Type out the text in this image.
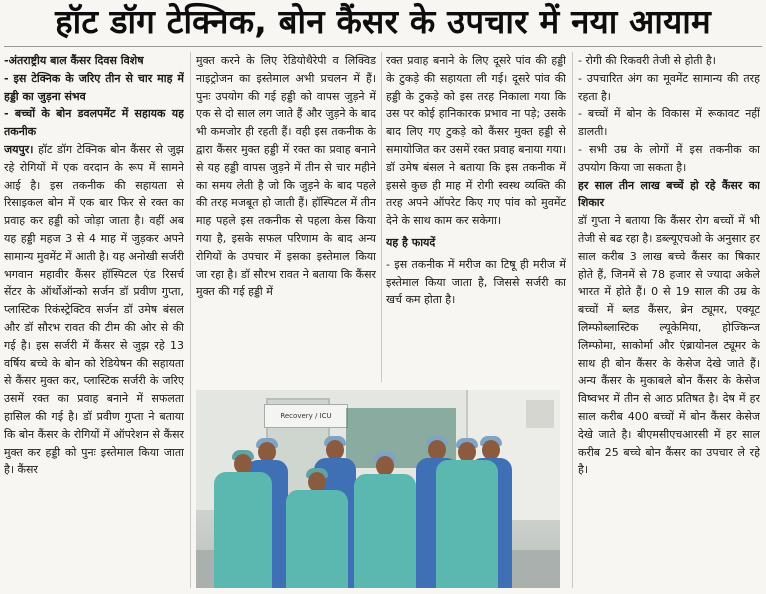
हॉट डॉग टेक्निक, बोन कैंसर के उपचार में नया आयाम

-अंतराष्ट्रीय बाल कैंसर दिवस विशेष

- इस टेक्निक के जरिए तीन से चार माह में हड्डी का जुड़ना संभव

- बच्चों के बोन डवलपमेंट में सहायक यह तकनीक

जयपुर। हॉट डॉग टेक्निक बोन कैंसर से जुझ रहे रोगियों में एक वरदान के रूप में सामने आई है। इस तकनीक की सहायता से रिसाइकल बोन में एक बार फिर से रक्त का प्रवाह कर हड्डी को जोड़ा जाता है। वहीं अब यह हड्डी महज 3 से 4 माह में जुड़कर अपने सामान्य मुवमेंट में आती है। यह अनोखी सर्जरी भगवान महावीर कैंसर हॉस्पिटल एंड रिसर्च सेंटर के ऑर्थोऑन्को सर्जन डॉ प्रवीण गुप्ता, प्लास्टिक रिकंस्ट्रेक्टिव सर्जन डॉ उमेष बंसल और डॉ सौरभ रावत की टीम की ओर से की गई है। इस सर्जरी में कैंसर से जुझ रहे 13 वर्षिय बच्चे के बोन को रेडियेषन की सहायता से कैंसर मुक्त कर, प्लास्टिक सर्जरी के जरिए उसमें रक्त का प्रवाह बनाने में सफलता हासिल की गई है। डॉ प्रवीण गुप्ता ने बताया कि बोन कैंसर के रोगियों में ऑपरेशन से कैंसर मुक्त कर हड्डी को पुनः इस्तेमाल किया जाता है। कैंसर

मुक्त करने के लिए रेडियोथैरेपी व लिक्विड नाइट्रोजन का इस्तेमाल अभी प्रचलन में हैं। पुनः उपयोग की गई हड्डी को वापस जुड़ने में एक से दो साल लग जाते हैं और जुड़ने के बाद भी कमजोर ही रहती हैं। वही इस तकनीक के द्वारा कैंसर मुक्त हड्डी में रक्त का प्रवाह बनाने से यह हड्डी वापस जुड़ने में तीन से चार महीने का समय लेती है जो कि जुड़ने के बाद पहले की तरह मजबूत हो जाती हैं। हॉस्पिटल में तीन माह पहले इस तकनीक से पहला केस किया गया है, इसके सफल परिणाम के बाद अन्य रोगियों के उपचार में इसका इस्तेमाल किया जा रहा है। डॉ सौरभ रावत ने बताया कि कैंसर मुक्त की गई हड्डी में

रक्त प्रवाह बनाने के लिए दूसरे पांव की हड्डी के टुकड़े की सहायता ली गई। दूसरे पांव की हड्डी के टुकड़े को इस तरह निकाला गया कि उस पर कोई हानिकारक प्रभाव ना पड़े; उसके बाद लिए गए टुकड़े को कैंसर मुक्त हड्डी से समायोजित कर उसमें रक्त प्रवाह बनाया गया। डॉ उमेष बंसल ने बताया कि इस तकनीक में इससे कुछ ही माह में रोगी स्वस्थ व्यक्ति की तरह अपने ऑपरेट किए गए पांव को मुवमेंट देने के साथ काम कर सकेगा।

यह है फायदें

- इस तकनीक में मरीज का टिषू ही मरीज में इस्तेमाल किया जाता है, जिससे सर्जरी का खर्च कम होता है।

- रोगी की रिकवरी तेजी से होती है।

- उपचारित अंग का मूवमेंट सामान्य की तरह रहता है।

- बच्चों में बोन के विकास में रूकावट नहीं डालती।

- सभी उम्र के लोगों में इस तकनीक का उपयोग किया जा सकता है।

हर साल तीन लाख बच्चें हो रहे कैंसर का शिकार

डॉ गुप्ता ने बताया कि कैंसर रोग बच्चों में भी तेजी से बढ रहा है। डब्ल्यूएचओ के अनुसार हर साल करीब 3 लाख बच्चे कैंसर का षिकार होते हैं, जिनमें से 78 हजार से ज्यादा अकेले भारत में होते हैं। 0 से 19 साल की उम्र के बच्चों में ब्लड कैंसर, ब्रेन ट्यूमर, एक्यूट लिम्फोब्लास्टिक ल्यूकेमिया, होज्किन्ज लिम्फोमा, साकोर्मा और एंब्रायोनल ट्यूमर के साथ ही बोन कैंसर के केसेज देखे जाते हैं। अन्य कैंसर के मुकाबले बोन कैंसर के केसेज विष्वभर में तीन से आठ प्रतिषत है। देष में हर साल करीब 400 बच्चों में बोन कैंसर केसेज देखे जाते है। बीएमसीएचआरसी में हर साल करीब 25 बच्चे बोन कैंसर का उपचार ले रहे है।

Recovery / ICU
